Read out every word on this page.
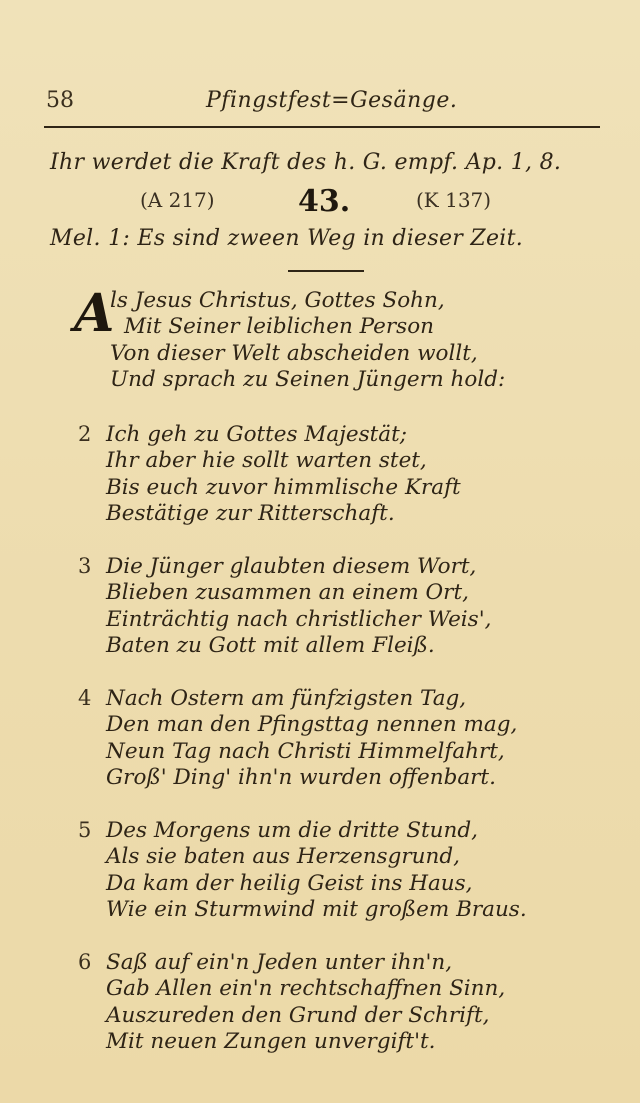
58	Pfingstfest=Gesänge.
Ihr werdet die Kraft des h. G. empf. Ap. 1, 8.
(A 217)	43.	(K 137)
Mel. 1: Es sind zween Weg in dieser Zeit.
A
ls Jesus Christus, Gottes Sohn,
Mit Seiner leiblichen Person
Von dieser Welt abscheiden wollt,
Und sprach zu Seinen Jüngern hold:
2 Ich geh zu Gottes Majestät;
Ihr aber hie sollt warten stet,
Bis euch zuvor himmlische Kraft
Bestätige zur Ritterschaft.
3 Die Jünger glaubten diesem Wort,
Blieben zusammen an einem Ort,
Einträchtig nach christlicher Weis',
Baten zu Gott mit allem Fleiß.
4 Nach Ostern am fünfzigsten Tag,
Den man den Pfingsttag nennen mag,
Neun Tag nach Christi Himmelfahrt,
Groß' Ding' ihn'n wurden offenbart.
5 Des Morgens um die dritte Stund,
Als sie baten aus Herzensgrund,
Da kam der heilig Geist ins Haus,
Wie ein Sturmwind mit großem Braus.
6 Saß auf ein'n Jeden unter ihn'n,
Gab Allen ein'n rechtschaffnen Sinn,
Auszureden den Grund der Schrift,
Mit neuen Zungen unvergift't.
